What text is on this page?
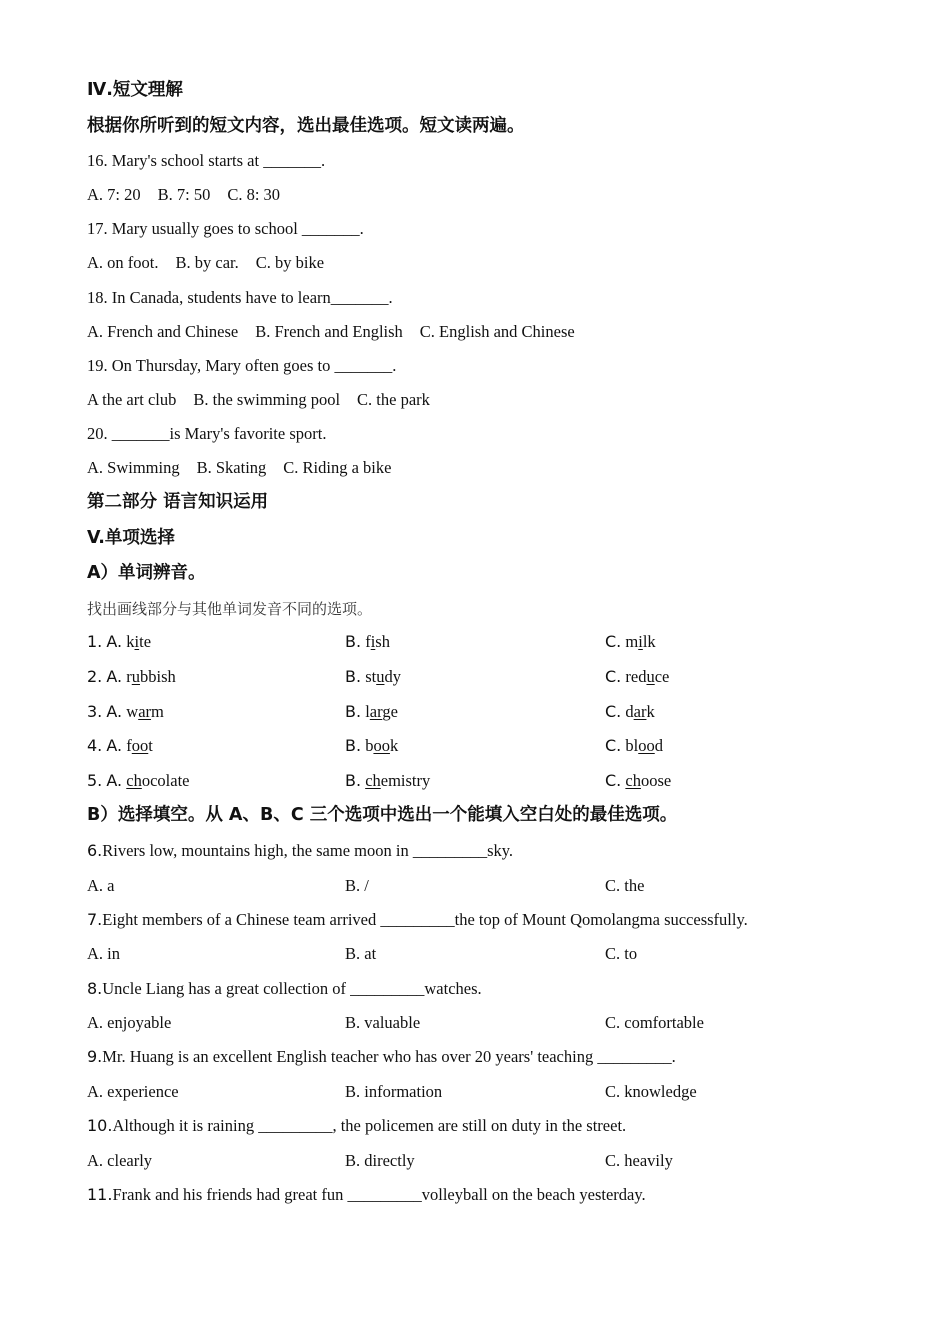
Ⅳ.短文理解
根据你所听到的短文内容，选出最佳选项。短文读两遍。
16. Mary's school starts at _______.
A. 7: 20 B. 7: 50 C. 8: 30
17. Mary usually goes to school _______.
A. on foot. B. by car. C. by bike
18. In Canada, students have to learn_______.
A. French and Chinese B. French and English C. English and Chinese
19. On Thursday, Mary often goes to _______.
A the art club B. the swimming pool C. the park
20. _______is Mary's favorite sport.
A. Swimming B. Skating C. Riding a bike
第二部分 语言知识运用
V.单项选择
A）单词辨音。
找出画线部分与其他单词发音不同的选项。
1. A. kite	B. fish	C. milk
2. A. rubbish	B. study	C. reduce
3. A. warm	B. large	C. dark
4. A. foot	B. book	C. blood
5. A. chocolate	B. chemistry	C. choose
B）选择填空。从 A、B、C 三个选项中选出一个能填入空白处的最佳选项。
6.Rivers low, mountains high, the same moon in _________sky.
A. a	B. /	C. the
7.Eight members of a Chinese team arrived _________the top of Mount Qomolangma successfully.
A. in	B. at	C. to
8.Uncle Liang has a great collection of _________watches.
A. enjoyable	B. valuable	C. comfortable
9.Mr. Huang is an excellent English teacher who has over 20 years' teaching _________.
A. experience	B. information	C. knowledge
10.Although it is raining _________, the policemen are still on duty in the street.
A. clearly	B. directly	C. heavily
11.Frank and his friends had great fun _________volleyball on the beach yesterday.
